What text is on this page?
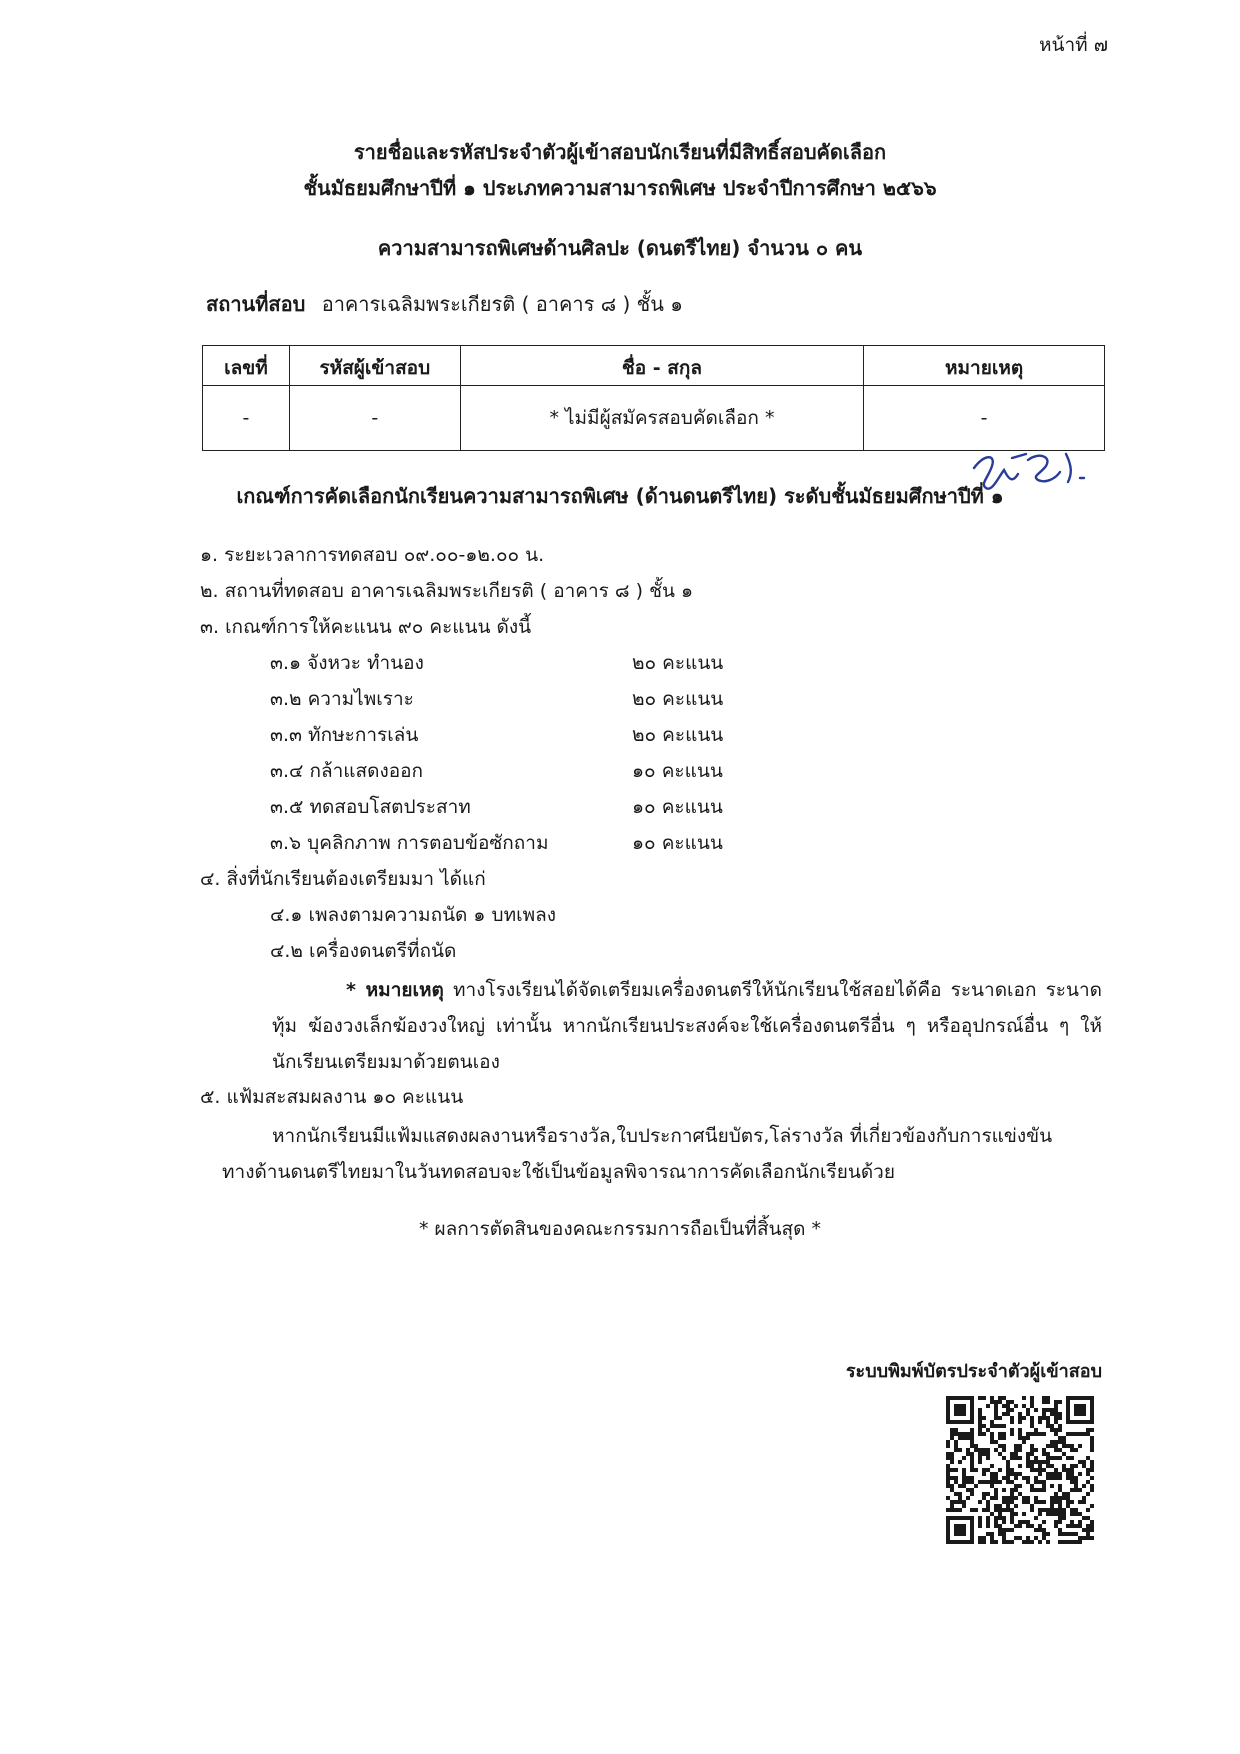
หน้าที่ ๗
รายชื่อและรหัสประจำตัวผู้เข้าสอบนักเรียนที่มีสิทธิ์สอบคัดเลือก
ชั้นมัธยมศึกษาปีที่ ๑ ประเภทความสามารถพิเศษ ประจำปีการศึกษา ๒๕๖๖
ความสามารถพิเศษด้านศิลปะ (ดนตรีไทย) จำนวน ๐ คน
สถานที่สอบ อาคารเฉลิมพระเกียรติ ( อาคาร ๘ ) ชั้น ๑
เลขที่	รหัสผู้เข้าสอบ	ชื่อ - สกุล	หมายเหตุ
-	-	* ไม่มีผู้สมัครสอบคัดเลือก *	-
เกณฑ์การคัดเลือกนักเรียนความสามารถพิเศษ (ด้านดนตรีไทย) ระดับชั้นมัธยมศึกษาปีที่ ๑
๑. ระยะเวลาการทดสอบ ๐๙.๐๐-๑๒.๐๐ น.
๒. สถานที่ทดสอบ อาคารเฉลิมพระเกียรติ ( อาคาร ๘ ) ชั้น ๑
๓. เกณฑ์การให้คะแนน ๙๐ คะแนน ดังนี้
๓.๑ จังหวะ ทำนอง	๒๐ คะแนน
๓.๒ ความไพเราะ	๒๐ คะแนน
๓.๓ ทักษะการเล่น	๒๐ คะแนน
๓.๔ กล้าแสดงออก	๑๐ คะแนน
๓.๕ ทดสอบโสตประสาท	๑๐ คะแนน
๓.๖ บุคลิกภาพ การตอบข้อซักถาม	๑๐ คะแนน
๔. สิ่งที่นักเรียนต้องเตรียมมา ได้แก่
๔.๑ เพลงตามความถนัด ๑ บทเพลง
๔.๒ เครื่องดนตรีที่ถนัด
* หมายเหตุ ทางโรงเรียนได้จัดเตรียมเครื่องดนตรีให้นักเรียนใช้สอยได้คือ ระนาดเอก ระนาดทุ้ม ฆ้องวงเล็กฆ้องวงใหญ่ เท่านั้น หากนักเรียนประสงค์จะใช้เครื่องดนตรีอื่น ๆ หรืออุปกรณ์อื่น ๆ ให้นักเรียนเตรียมมาด้วยตนเอง
๕. แฟ้มสะสมผลงาน ๑๐ คะแนน
หากนักเรียนมีแฟ้มแสดงผลงานหรือรางวัล,ใบประกาศนียบัตร,โล่รางวัล ที่เกี่ยวข้องกับการแข่งขัน
ทางด้านดนตรีไทยมาในวันทดสอบจะใช้เป็นข้อมูลพิจารณาการคัดเลือกนักเรียนด้วย
* ผลการตัดสินของคณะกรรมการถือเป็นที่สิ้นสุด *
ระบบพิมพ์บัตรประจำตัวผู้เข้าสอบ
